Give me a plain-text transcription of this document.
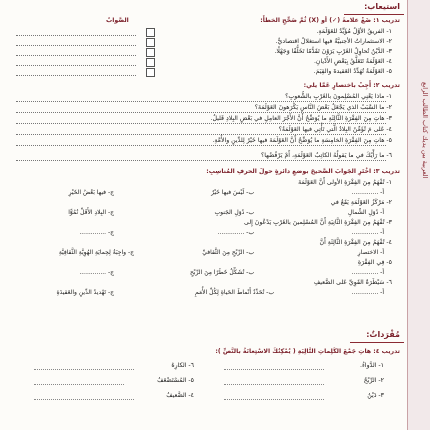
العربية بين يديك كتاب الطالب الرابع
استيعاب:
تدريب ١: ضَعْ علامةَ (✓) أو (X) ثُمَّ صَحِّحِ الخطأَ:
الصَّوابُ
١- الفريقُ الأوَّلُ مُؤَيِّدٌ للعَوْلَمَةِ.
٢- الاستثماراتُ الأجنبيَّةُ فيها استغلالٌ اقتصاديٌّ.
٣- الدَّيْنُ تُحاوِلُ الغَرْبِ يَرَوْنَ تَقَدُّمًا تَخَلُّفًا وَجَهْلًا.
٤- العَوْلَمَةُ تَتَعَلَّقُ بِبَعْضِ الأَدْيانِ.
٥- العَوْلَمَةُ تُهَدِّدُ العَقيدةَ والقِيَمَ.
تدريب ٢: أَجِبْ باختصارٍ عَمَّا يلي:
١- ماذا يَعْنِي المُسْلِمونَ بالغَرْبِ بالشُّعوبِ؟
٢- ما السَّبَبُ الذي يَجْعَلُ بَعْضَ النَّاسِ يَكْرَهونَ العَوْلَمَةَ؟
٣- هاتِ مِنَ الفِقْرَةِ الثَّالِثَةِ ما يُوَضِّحُ أَنَّ الأَجْرَ العامِلِ في بَعْضِ البِلادِ قَليلٌ.
٤- عَلى مَ تُؤَمِّنُ البِلادُ الَّتي تَأْتِي فيها العَوْلَمَةُ؟
٥- هاتِ مِنَ الفِقْرَةِ الخامِسَةِ ما يُوَضِّحُ أَنَّ العَوْلَمَةَ فيها خَيْرٌ لِلدِّينِ والأُمَّةِ.
٦- ما رَأْيُكَ في ما يَقولُهُ الكاتِبُ العَوْلَمَةِ، أَمْ يَرْفُضُها؟
تدريب ٣: اخْتَرِ الجَوابَ الصَّحيحَ بوضعِ دائرةٍ حولَ الحرفِ المُناسِبِ:
١- تُفْهَمُ مِنَ الفِقْرَةِ الأولى أَنَّ العَوْلَمَةَ
أ- ..............
ب- لَيْسَ فيها خَيْرٌ
ج- فيها بَعْضُ الخَيْرِ
٢- مَرْكَزُ العَوْلَمَةِ يَقَعُ في
أ- دُوَلِ الشِّمالِ
ب- دُوَلِ الجَنوبِ
ج- البِلادِ الأَقَلِّ نُمُوًّا
٣- تُفْهَمُ مِنَ الفِقْرَةِ الثَّانِيَةِ أَنَّ المُسْلِمينَ بالغَرْبِ يَدْعُونَ إِلى
أ- ..............
ب- ..............
ج- ..............
٤- تُفْهَمُ مِنَ الفِقْرَةِ الثَّالِثَةِ أَنَّ
أ- الاختصارِ
ب- الرِّبْحِ مِنَ الثَّقافيِّ
ج- واجِبَةُ لِحِمايَةِ الهُوِيَّةِ الثَّقافِيَّةِ
٥- فِي الفِقْرَةِ
أ- ..............
ب- تُشَكِّلُ خَطَرًا مِنَ الرِّبْحِ
ج- ..............
٦- سَيْطَرَةُ القَوِيِّ عَلى الضَّعيفِ
أ- ..............
ب- تُحَدِّدُ أَنْماطَ الحَياةِ لِكُلِّ الأُمَمِ
ج- تَهْديدُ الدِّينِ والعَقيدَةِ
مُفْرَداتٌ:
تدريب ٤: هاتِ جَمْعَ الكَلِماتِ التَّالِيَةِ ( يُمْكِنُكَ الاسْتِعانَةُ بالنَّصِّ ):
١- الدَّواءُ.
٦- الكارِهُ
٢- الرِّبْحُ
٥- المُسْتَضْعَفُ
٣- دَيْنٌ
٤- الضَّعيفُ
